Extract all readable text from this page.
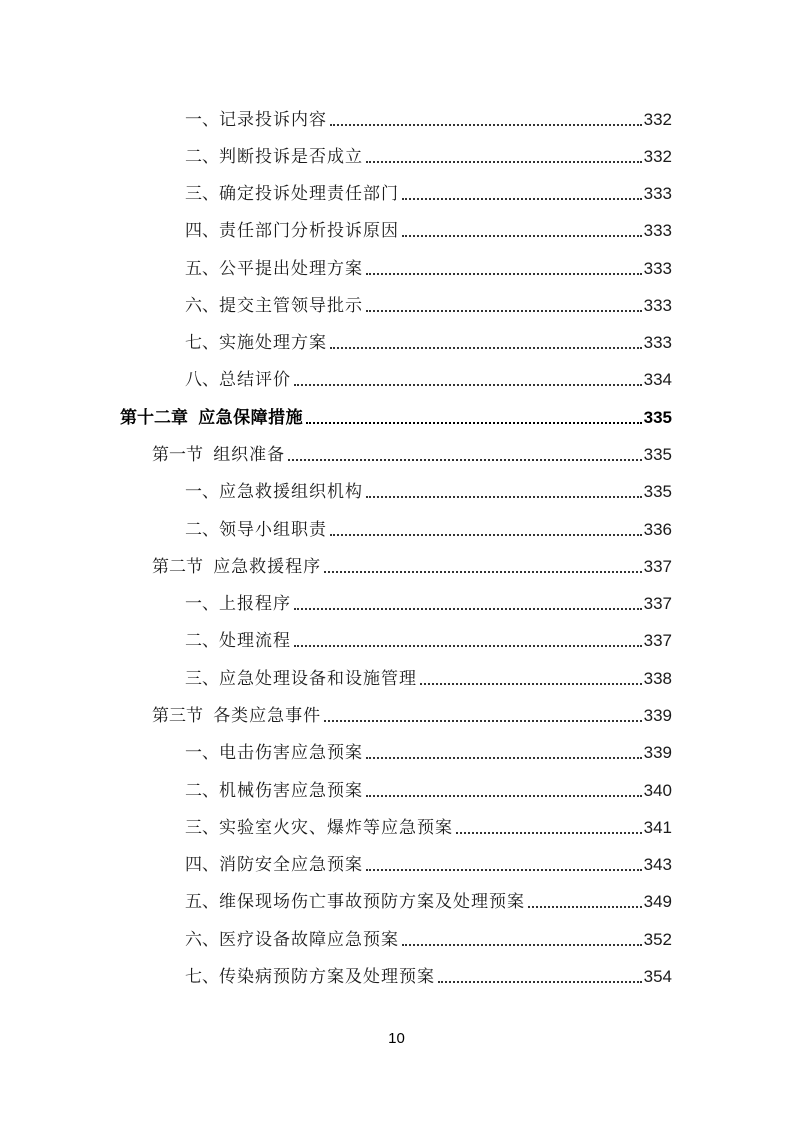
一、 记录投诉内容	332
二、 判断投诉是否成立	332
三、 确定投诉处理责任部门	333
四、 责任部门分析投诉原因	333
五、 公平提出处理方案	333
六、 提交主管领导批示	333
七、 实施处理方案	333
八、 总结评价	334
第十二章 应急保障措施	335
第一节 组织准备	335
一、 应急救援组织机构	335
二、 领导小组职责	336
第二节 应急救援程序	337
一、 上报程序	337
二、 处理流程	337
三、 应急处理设备和设施管理	338
第三节 各类应急事件	339
一、 电击伤害应急预案	339
二、 机械伤害应急预案	340
三、 实验室火灾、爆炸等应急预案	341
四、 消防安全应急预案	343
五、 维保现场伤亡事故预防方案及处理预案	349
六、 医疗设备故障应急预案	352
七、 传染病预防方案及处理预案	354
10
